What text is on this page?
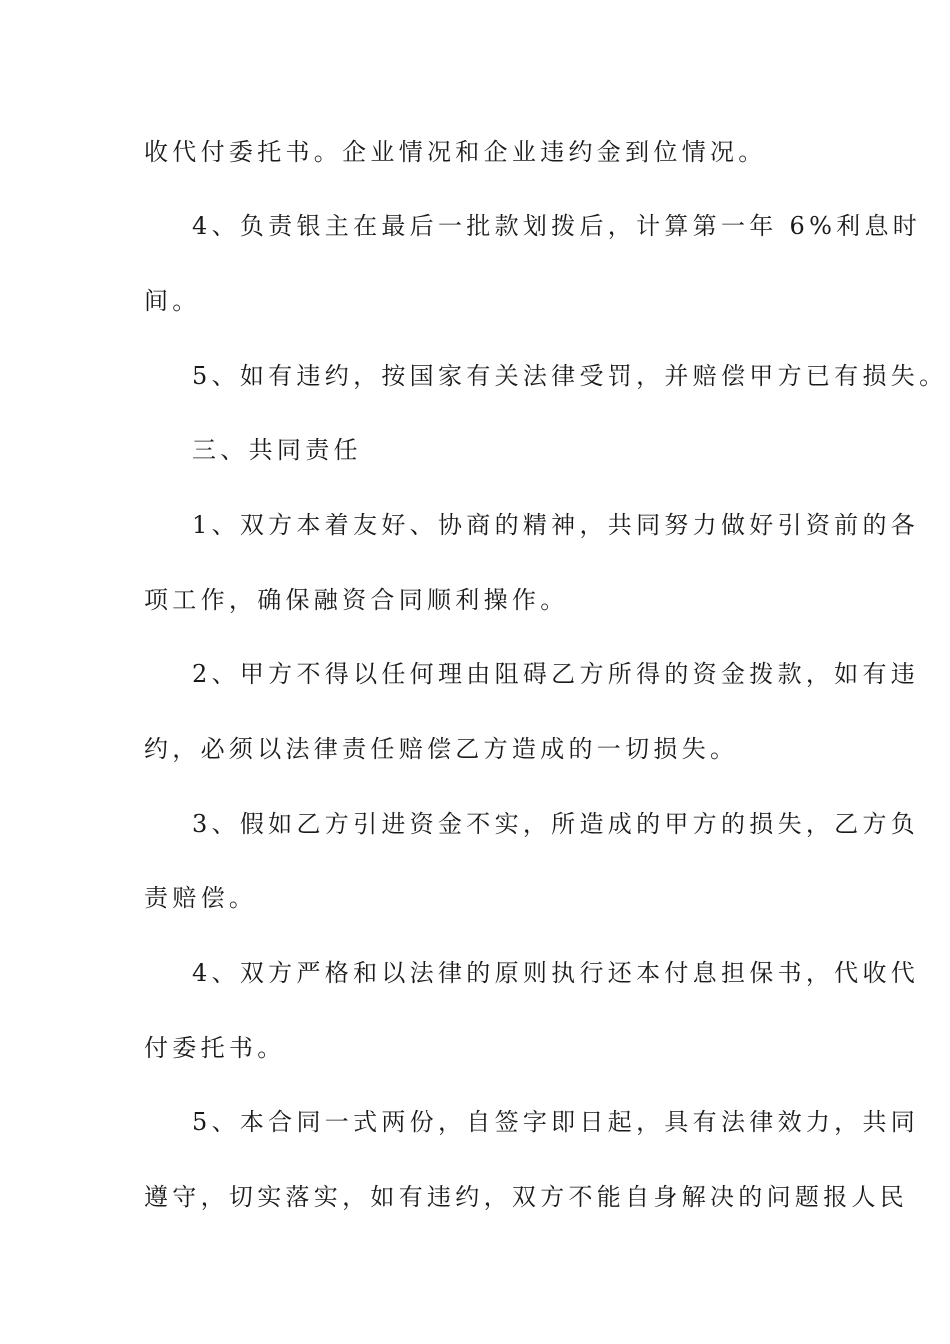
收代付委托书。企业情况和企业违约金到位情况。
4、负责银主在最后一批款划拨后，计算第一年 6%利息时
间。
5、如有违约，按国家有关法律受罚，并赔偿甲方已有损失。
三、共同责任
1、双方本着友好、协商的精神，共同努力做好引资前的各
项工作，确保融资合同顺利操作。
2、甲方不得以任何理由阻碍乙方所得的资金拨款，如有违
约，必须以法律责任赔偿乙方造成的一切损失。
3、假如乙方引进资金不实，所造成的甲方的损失，乙方负
责赔偿。
4、双方严格和以法律的原则执行还本付息担保书，代收代
付委托书。
5、本合同一式两份，自签字即日起，具有法律效力，共同
遵守，切实落实，如有违约，双方不能自身解决的问题报人民
